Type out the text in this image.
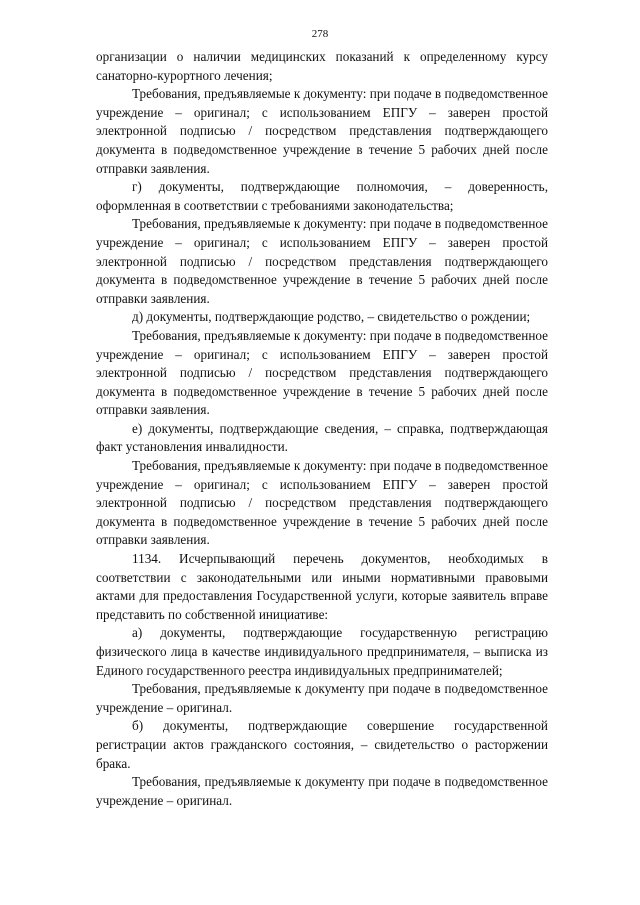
278

организации о наличии медицинских показаний к определенному курсу санаторно-курортного лечения;

Требования, предъявляемые к документу: при подаче в подведомственное учреждение – оригинал; с использованием ЕПГУ – заверен простой электронной подписью / посредством представления подтверждающего документа в подведомственное учреждение в течение 5 рабочих дней после отправки заявления.

г) документы, подтверждающие полномочия, – доверенность, оформленная в соответствии с требованиями законодательства;

Требования, предъявляемые к документу: при подаче в подведомственное учреждение – оригинал; с использованием ЕПГУ – заверен простой электронной подписью / посредством представления подтверждающего документа в подведомственное учреждение в течение 5 рабочих дней после отправки заявления.

д) документы, подтверждающие родство, – свидетельство о рождении;

Требования, предъявляемые к документу: при подаче в подведомственное учреждение – оригинал; с использованием ЕПГУ – заверен простой электронной подписью / посредством представления подтверждающего документа в подведомственное учреждение в течение 5 рабочих дней после отправки заявления.

е) документы, подтверждающие сведения, – справка, подтверждающая факт установления инвалидности.

Требования, предъявляемые к документу: при подаче в подведомственное учреждение – оригинал; с использованием ЕПГУ – заверен простой электронной подписью / посредством представления подтверждающего документа в подведомственное учреждение в течение 5 рабочих дней после отправки заявления.

1134. Исчерпывающий перечень документов, необходимых в соответствии с законодательными или иными нормативными правовыми актами для предоставления Государственной услуги, которые заявитель вправе представить по собственной инициативе:

а) документы, подтверждающие государственную регистрацию физического лица в качестве индивидуального предпринимателя, – выписка из Единого государственного реестра индивидуальных предпринимателей;

Требования, предъявляемые к документу при подаче в подведомственное учреждение – оригинал.

б) документы, подтверждающие совершение государственной регистрации актов гражданского состояния, – свидетельство о расторжении брака.

Требования, предъявляемые к документу при подаче в подведомственное учреждение – оригинал.
